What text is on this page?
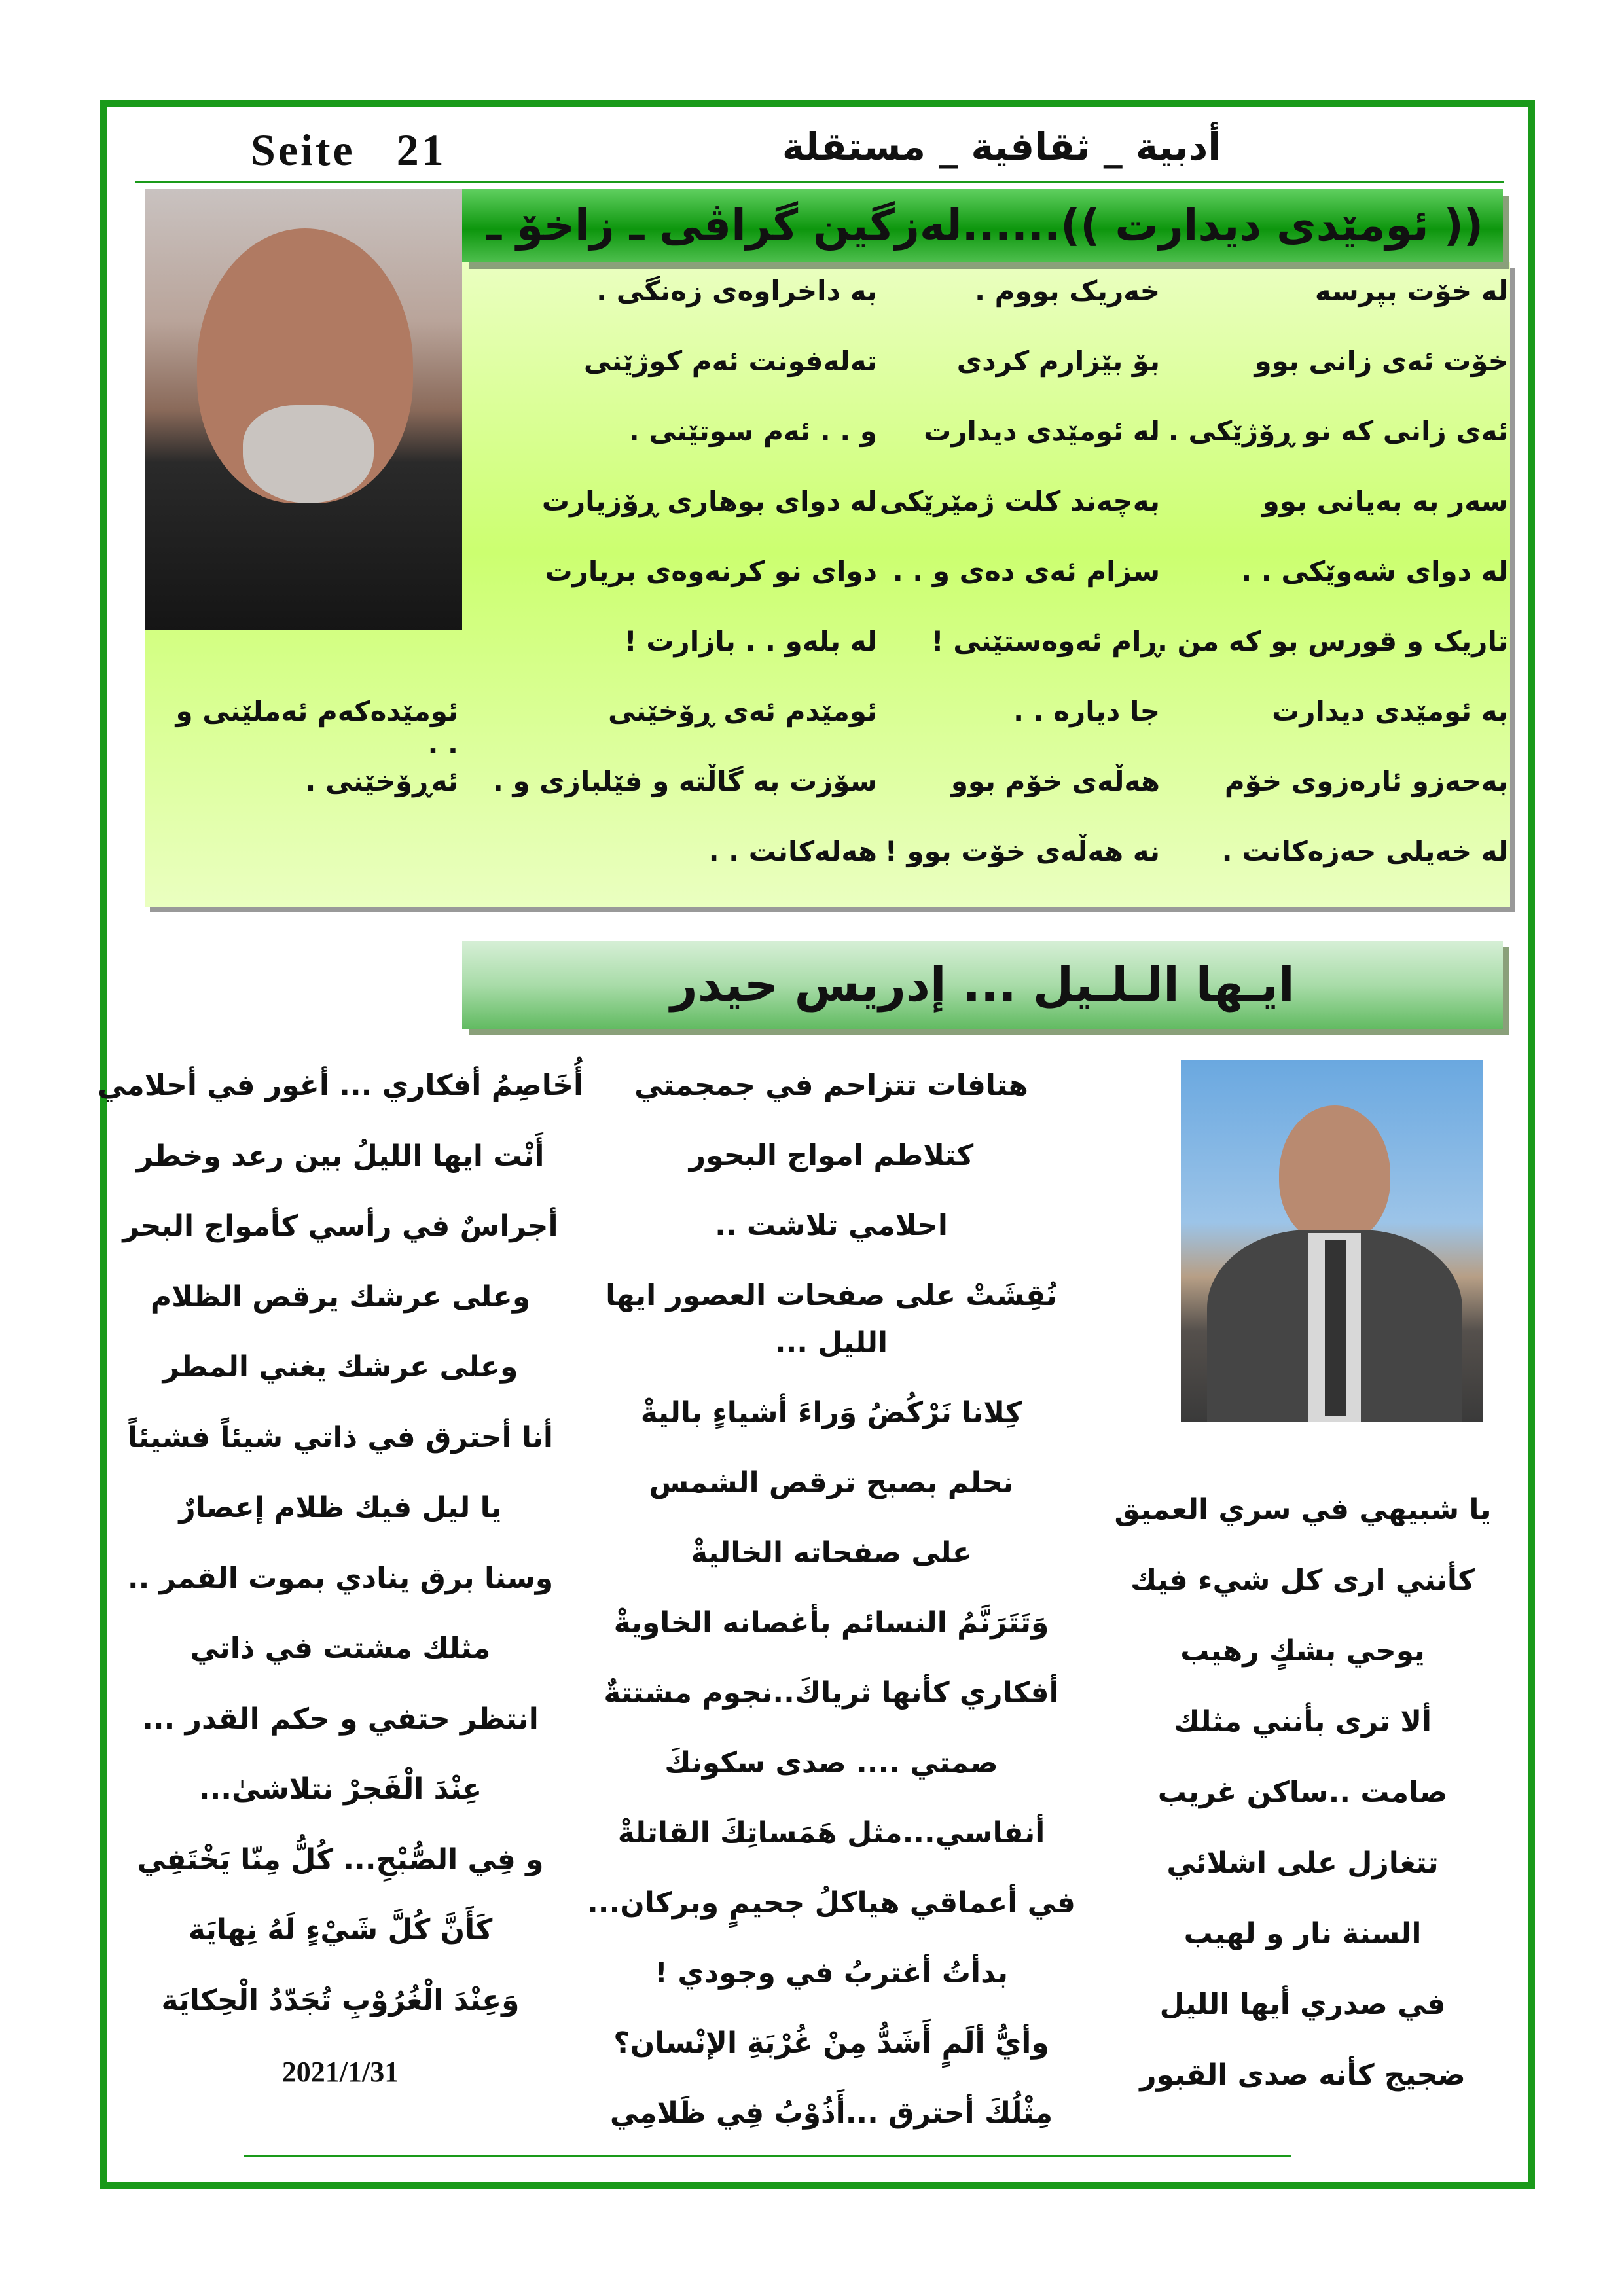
Seite   21	أدبية _ ثقافية _ مستقلة
(( ئومێدی دیدارت ))......لەزگین گراڤی ـ زاخۆ ـ
لە خۆت بپرسە
خۆت ئەی زانی بوو
ئەی زانی کە نو ڕۆژێکی . .
سەر بە بەیانی بوو
لە دوای شەوێکی . .
تاریک و قورس بو کە من .
بە ئومێدی دیدارت
بەحەزو ئارەزوی خۆم
لە خەیلی حەزەکانت .
خەریک بووم .
بۆ بێزارم کردی
لە ئومێدی دیدارت
بەچەند کلت ژمێرێکی
سزام ئەی دەی و . .
ڕام ئەوەستێنی !
جا دیارە . .
هەڵەی خۆم بوو
نە هەڵەی خۆت بوو !
بە داخراوەی زەنگی .
تەلەفونت ئەم کوژێنی
و . . ئەم سوتێنی .
لە دوای بوهاری ڕۆزیارت
دوای نو کرنەوەی بریارت
لە بلەو . . بازارت !
ئومێدم ئەی ڕۆخێنی
سۆزت بە گاڵتە و فێلبازی و .
هەلەکانت . .
ئومێدەکەم ئەملێنی و . .
ئەڕۆخێنی .
ايـها الـلـيل ... إدريس حيدر
يا شبيهي في سري العميق
كأنني ارى كل شيء فيك
يوحي بشكٍ رهيب
ألا ترى بأنني مثلك
صامت ..ساكن غريب
تتغازل على اشلائي
السنة نار و لهيب
في صدري أيها الليل
ضجيج كأنه صدى القبور
أُخَاصِمُ أفكاري ... أغور في أحلامي
أَنْت ايها الليلُ بين رعد وخطر
أجراسٌ في رأسي كأمواج البحر
وعلى عرشك يرقص الظلام
وعلى عرشك يغني المطر
أنا أحترق في ذاتي شيئاً فشيئاً
يا ليل فيك ظلام إعصارٌ
وسنا برق ينادي بموت القمر ..
مثلك مشتت في ذاتي
انتظر حتفي و حكم القدر ...
عِنْدَ الْفَجرْ نتلاشىٰ...
و فِي الصُّبْحِ... كُلُّ مِنّا يَخْتَفِي
كَأَنَّ كُلَّ شَيْءٍ لَهُ نِهايَة
وَعِنْدَ الْغُرُوْبِ تُجَدّدُ الْحِكايَة
هتافات تتزاحم في جمجمتي
كتلاطم امواج البحور
احلامي تلاشت ..
نُقِشَتْ على صفحات العصور ايها
الليل ...
كِلانا نَرْكُضُ وَراءَ أشياءٍ باليةْ
نحلم بصبح ترقص الشمس
على صفحاته الخاليةْ
وَتَتَرَنَّمُ النسائم بأغصانه الخاويةْ
أفكاري كأنها ثرياكَ..نجوم مشتتةٌ
صمتي .... صدى سكونكَ
أنفاسي...مثل هَمَساتِكَ القاتلةْ
في أعماقي هياكلُ جحيمٍ وبركان...
بدأتُ أغتربُ في وجودي !
وأيُّ ألَمٍ أَشَدُّ مِنْ غُرْبَةِ الإنْسان؟
مِثْلُكَ أحترق ...أَذُوْبُ فِي ظَلامِي
2021/1/31
